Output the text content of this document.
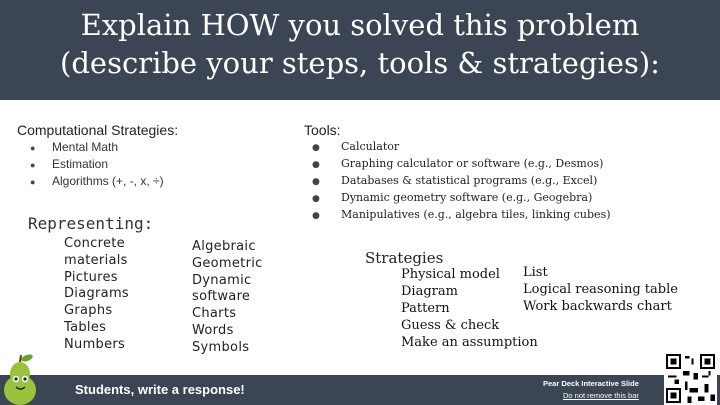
Explain HOW you solved this problem
(describe your steps, tools & strategies):
Computational Strategies:
● Mental Math
● Estimation
● Algorithms (+, -, x, ÷)
Tools:
● Calculator
● Graphing calculator or software (e.g., Desmos)
● Databases & statistical programs (e.g., Excel)
● Dynamic geometry software (e.g., Geogebra)
● Manipulatives (e.g., algebra tiles, linking cubes)
Representing:
Concrete
materials
Pictures
Diagrams
Graphs
Tables
Numbers
Algebraic
Geometric
Dynamic
software
Charts
Words
Symbols
Strategies
Physical model
Diagram
Pattern
Guess & check
Make an assumption
List
Logical reasoning table
Work backwards chart
Students, write a response!	Pear Deck Interactive Slide
Do not remove this bar
